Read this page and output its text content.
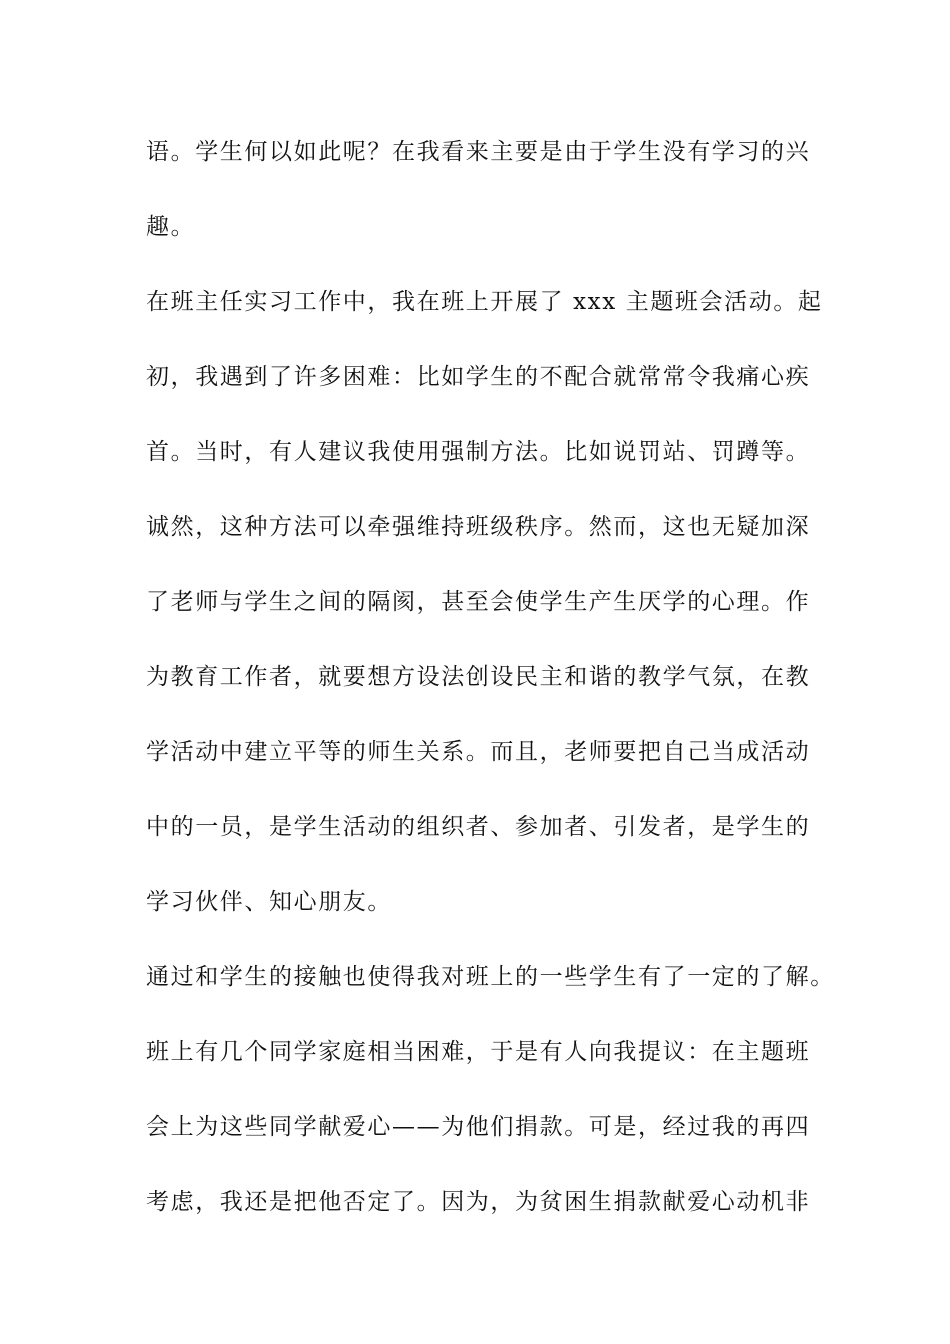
语。学生何以如此呢？在我看来主要是由于学生没有学习的兴
趣。
在班主任实习工作中，我在班上开展了 xxx 主题班会活动。起
初，我遇到了许多困难：比如学生的不配合就常常令我痛心疾
首。当时，有人建议我使用强制方法。比如说罚站、罚蹲等。
诚然，这种方法可以牵强维持班级秩序。然而，这也无疑加深
了老师与学生之间的隔阂，甚至会使学生产生厌学的心理。作
为教育工作者，就要想方设法创设民主和谐的教学气氛，在教
学活动中建立平等的师生关系。而且，老师要把自己当成活动
中的一员，是学生活动的组织者、参加者、引发者，是学生的
学习伙伴、知心朋友。
通过和学生的接触也使得我对班上的一些学生有了一定的了解。
班上有几个同学家庭相当困难，于是有人向我提议：在主题班
会上为这些同学献爱心——为他们捐款。可是，经过我的再四
考虑，我还是把他否定了。因为，为贫困生捐款献爱心动机非
